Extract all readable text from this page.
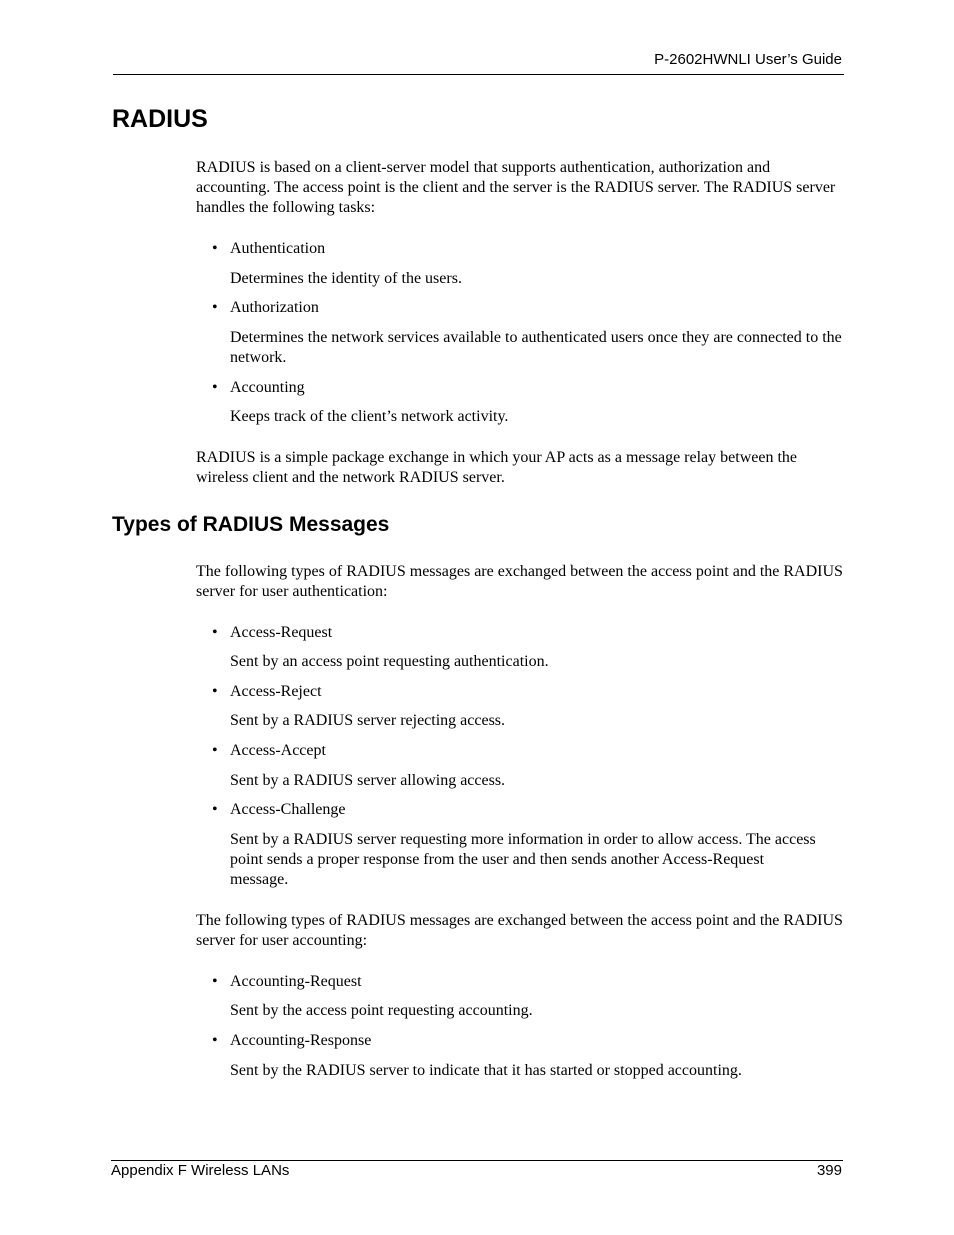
P-2602HWNLI User’s Guide
RADIUS

RADIUS is based on a client-server model that supports authentication, authorization and accounting. The access point is the client and the server is the RADIUS server. The RADIUS server handles the following tasks:

• Authentication

Determines the identity of the users.

• Authorization

Determines the network services available to authenticated users once they are connected to the network.

• Accounting

Keeps track of the client’s network activity.

RADIUS is a simple package exchange in which your AP acts as a message relay between the wireless client and the network RADIUS server.

Types of RADIUS Messages

The following types of RADIUS messages are exchanged between the access point and the RADIUS server for user authentication:

• Access-Request

Sent by an access point requesting authentication.

• Access-Reject

Sent by a RADIUS server rejecting access.

• Access-Accept

Sent by a RADIUS server allowing access.

• Access-Challenge

Sent by a RADIUS server requesting more information in order to allow access. The access point sends a proper response from the user and then sends another Access-Request message.

The following types of RADIUS messages are exchanged between the access point and the RADIUS server for user accounting:

• Accounting-Request

Sent by the access point requesting accounting.

• Accounting-Response

Sent by the RADIUS server to indicate that it has started or stopped accounting.

Appendix F Wireless LANs	399
